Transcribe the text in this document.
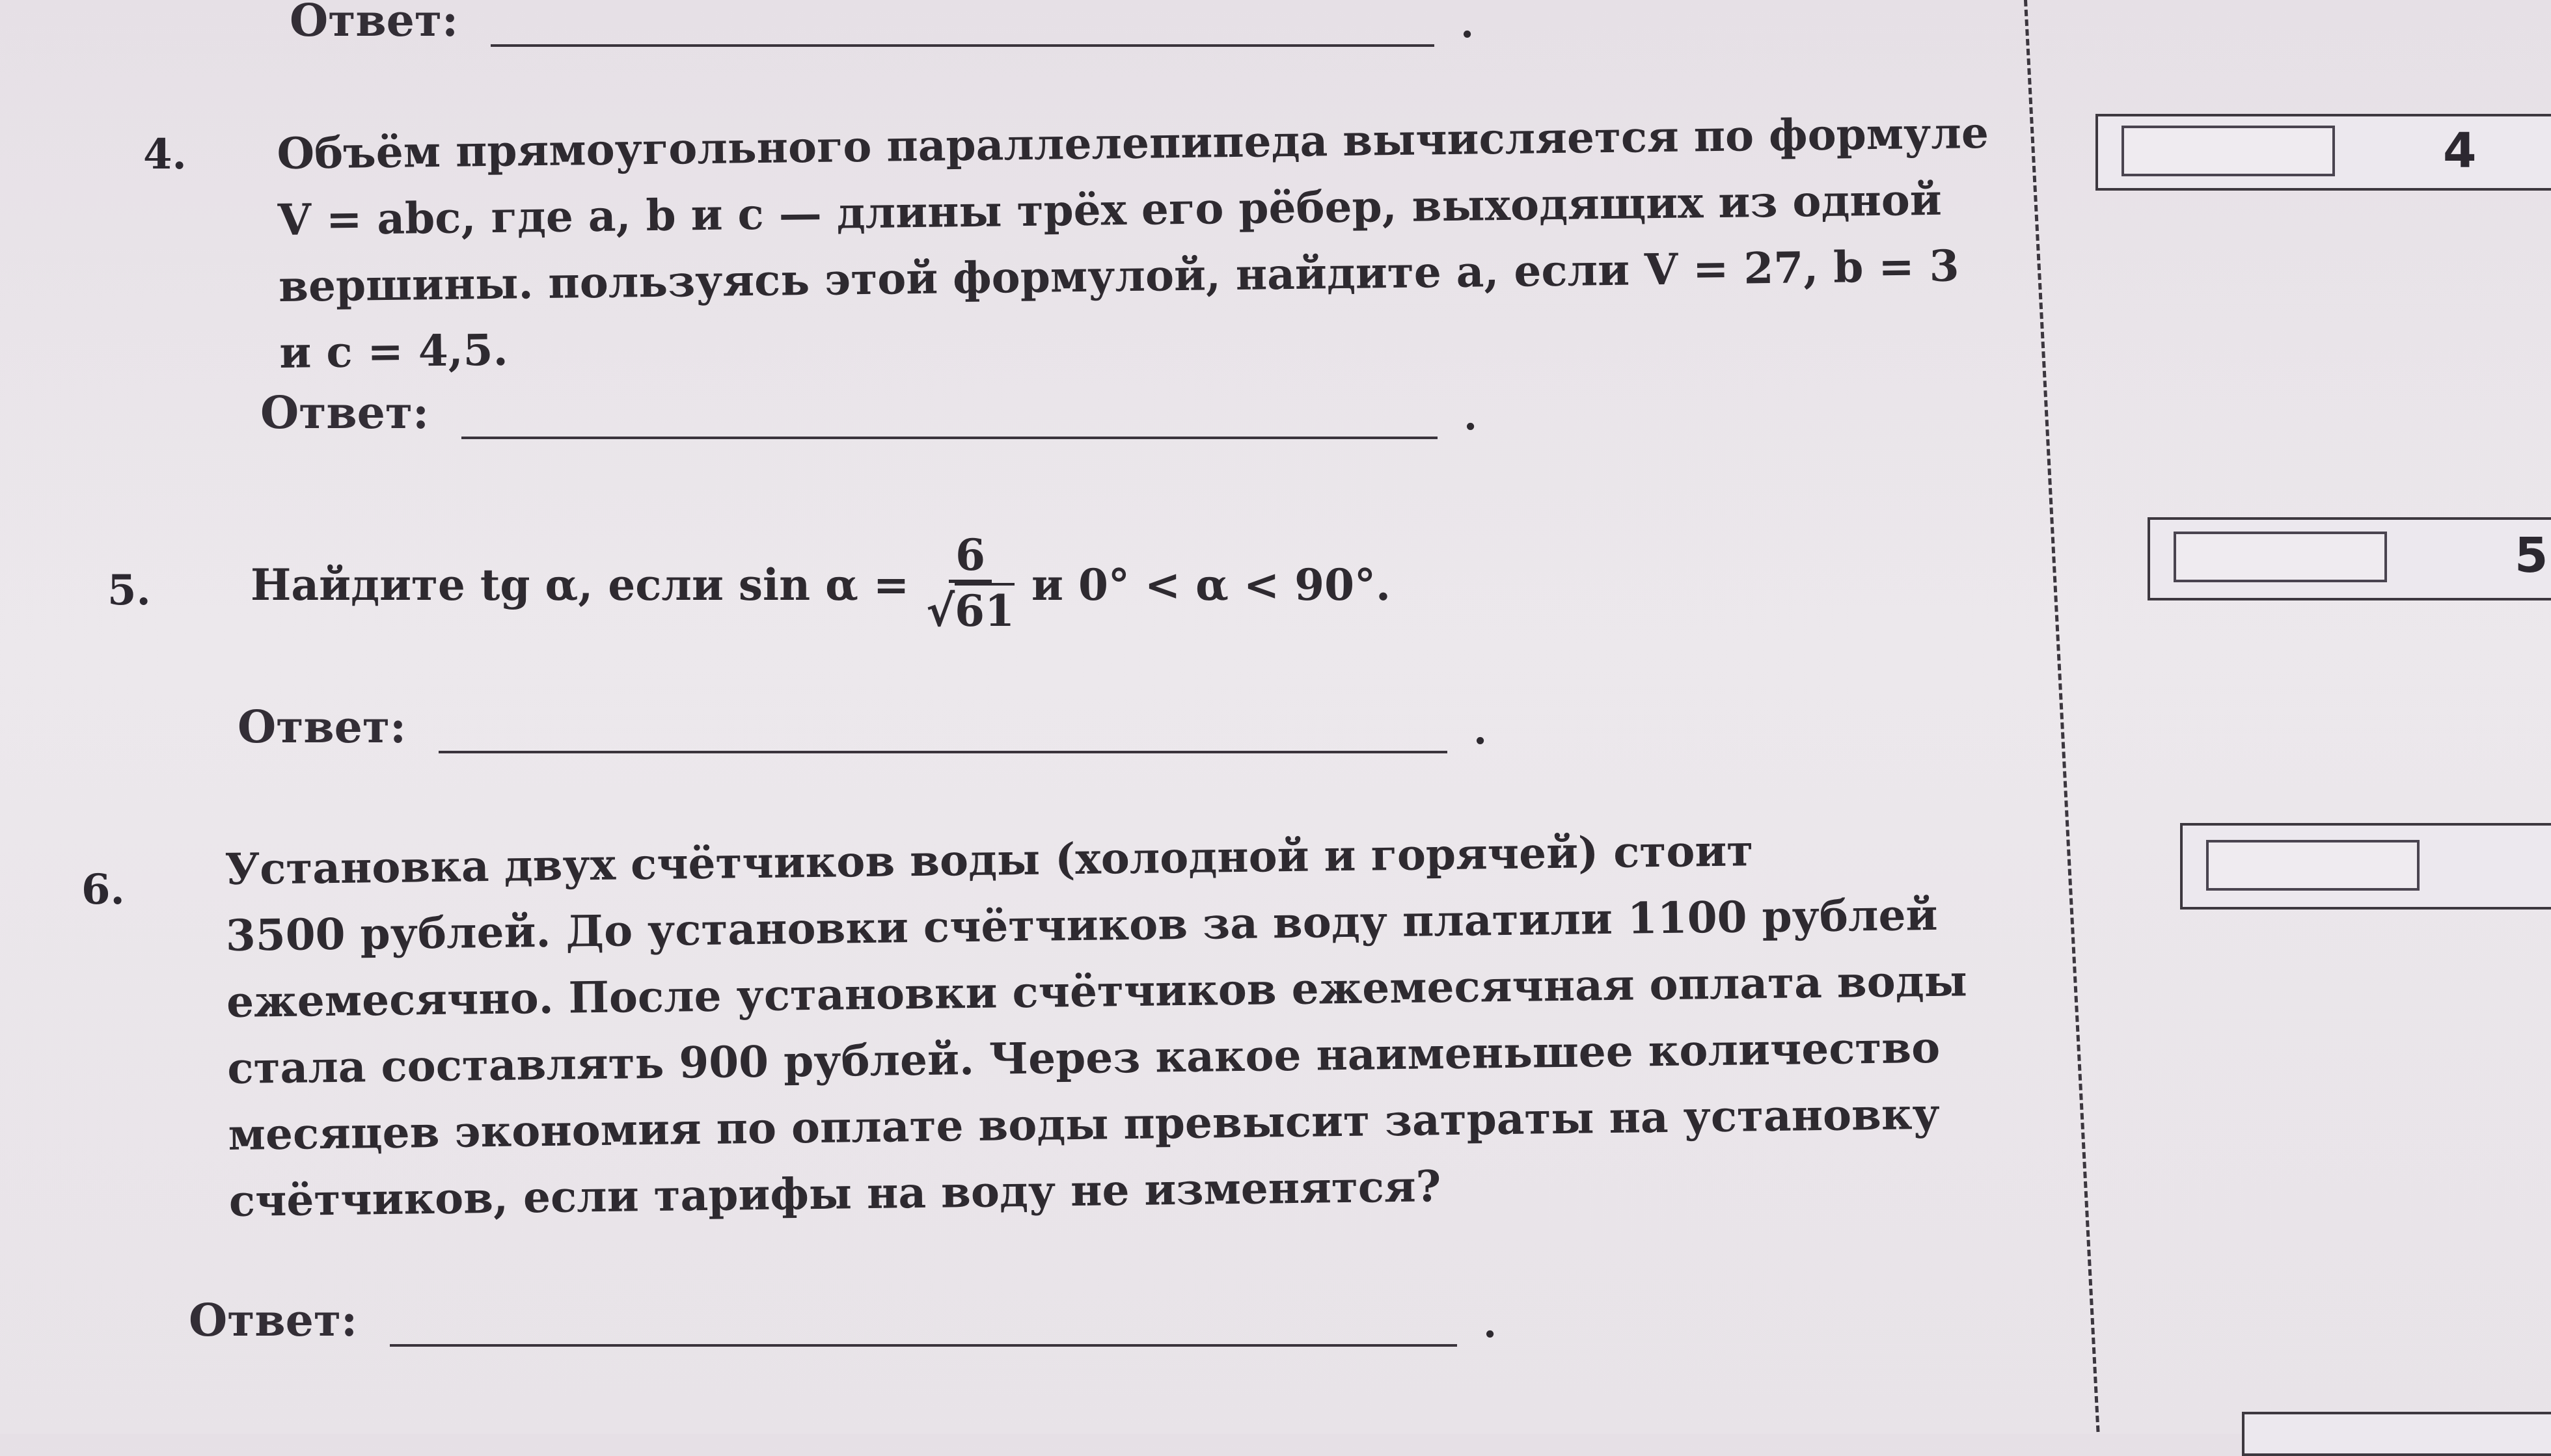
Ответ:	.
4. Объём прямоугольного параллелепипеда вычисляется по формуле
V = abc, где a, b и c — длины трёх его рёбер, выходящих из одной
вершины. пользуясь этой формулой, найдите a, если V = 27, b = 3
и c = 4,5.
Ответ:	.
5. Найдите tg α, если $\sin \alpha = \frac{6}{√61}$ и 0° < α < 90°.
Ответ:	.
6. Установка двух счётчиков воды (холодной и горячей) стоит
3500 рублей. До установки счётчиков за воду платили 1100 рублей
ежемесячно. После установки счётчиков ежемесячная оплата воды
стала составлять 900 рублей. Через какое наименьшее количество
месяцев экономия по оплате воды превысит затраты на установку
счётчиков, если тарифы на воду не изменятся?
Ответ:	.
4
5
